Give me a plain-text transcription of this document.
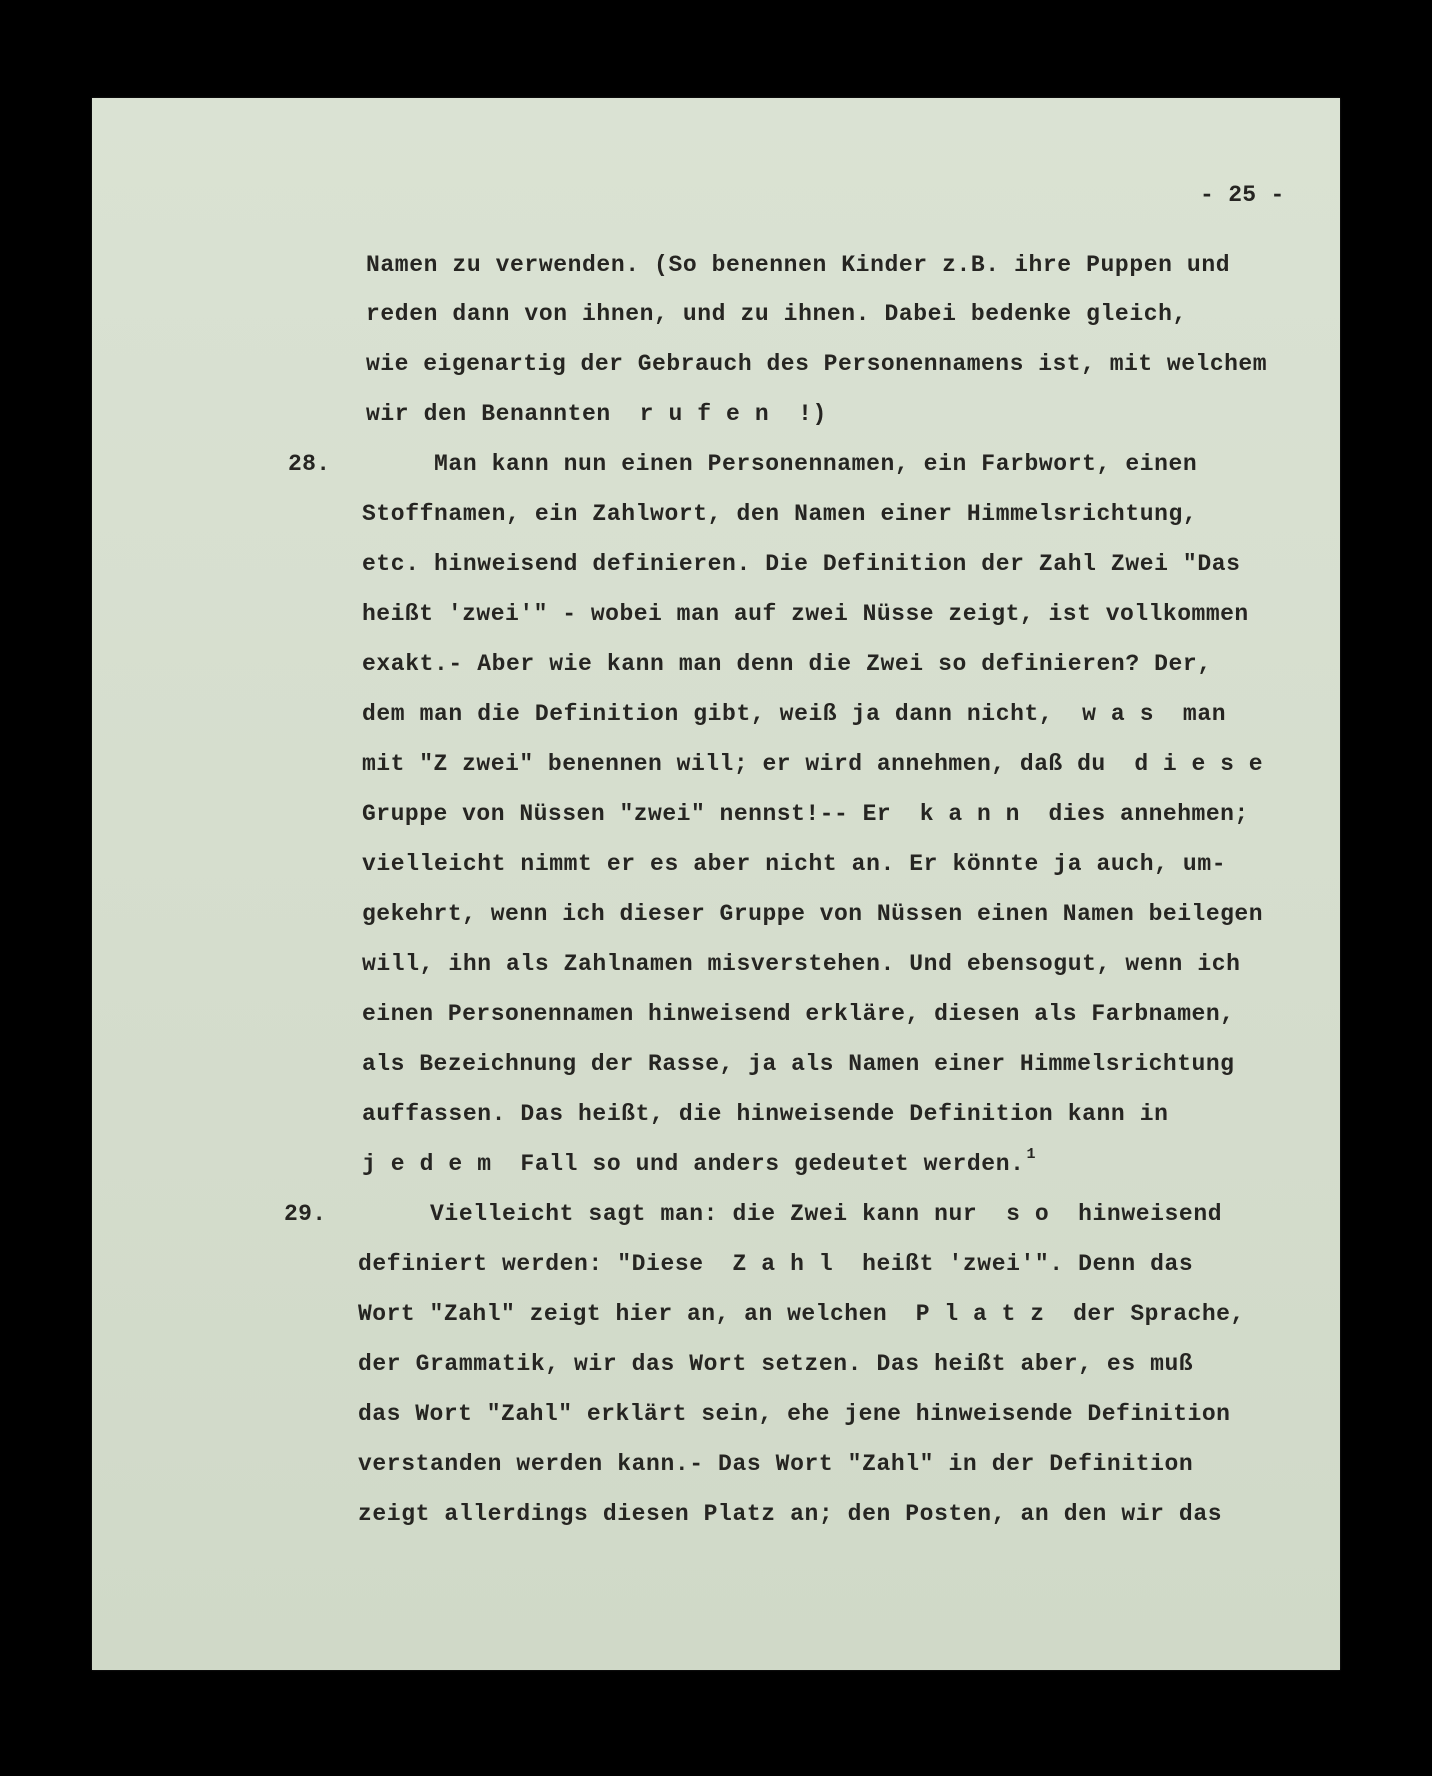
- 25 -
Namen zu verwenden. (So benennen Kinder z.B. ihre Puppen und
reden dann von ihnen, und zu ihnen. Dabei bedenke gleich,
wie eigenartig der Gebrauch des Personennamens ist, mit welchem
wir den Benannten  r u f e n  !)
28. Man kann nun einen Personennamen, ein Farbwort, einen
Stoffnamen, ein Zahlwort, den Namen einer Himmelsrichtung,
etc. hinweisend definieren. Die Definition der Zahl Zwei "Das
heißt 'zwei'" - wobei man auf zwei Nüsse zeigt, ist vollkommen
exakt.- Aber wie kann man denn die Zwei so definieren? Der,
dem man die Definition gibt, weiß ja dann nicht,  w a s  man
mit "Z zwei" benennen will; er wird annehmen, daß du  d i e s e
Gruppe von Nüssen "zwei" nennst!-- Er  k a n n  dies annehmen;
vielleicht nimmt er es aber nicht an. Er könnte ja auch, um-
gekehrt, wenn ich dieser Gruppe von Nüssen einen Namen beilegen
will, ihn als Zahlnamen misverstehen. Und ebensogut, wenn ich
einen Personennamen hinweisend erkläre, diesen als Farbnamen,
als Bezeichnung der Rasse, ja als Namen einer Himmelsrichtung
auffassen. Das heißt, die hinweisende Definition kann in
j e d e m  Fall so und anders gedeutet werden. $^1$
29. Vielleicht sagt man: die Zwei kann nur  s o  hinweisend
definiert werden: "Diese  Z a h l  heißt 'zwei'". Denn das
Wort "Zahl" zeigt hier an, an welchen  P l a t z  der Sprache,
der Grammatik, wir das Wort setzen. Das heißt aber, es muß
das Wort "Zahl" erklärt sein, ehe jene hinweisende Definition
verstanden werden kann.- Das Wort "Zahl" in der Definition
zeigt allerdings diesen Platz an; den Posten, an den wir das
